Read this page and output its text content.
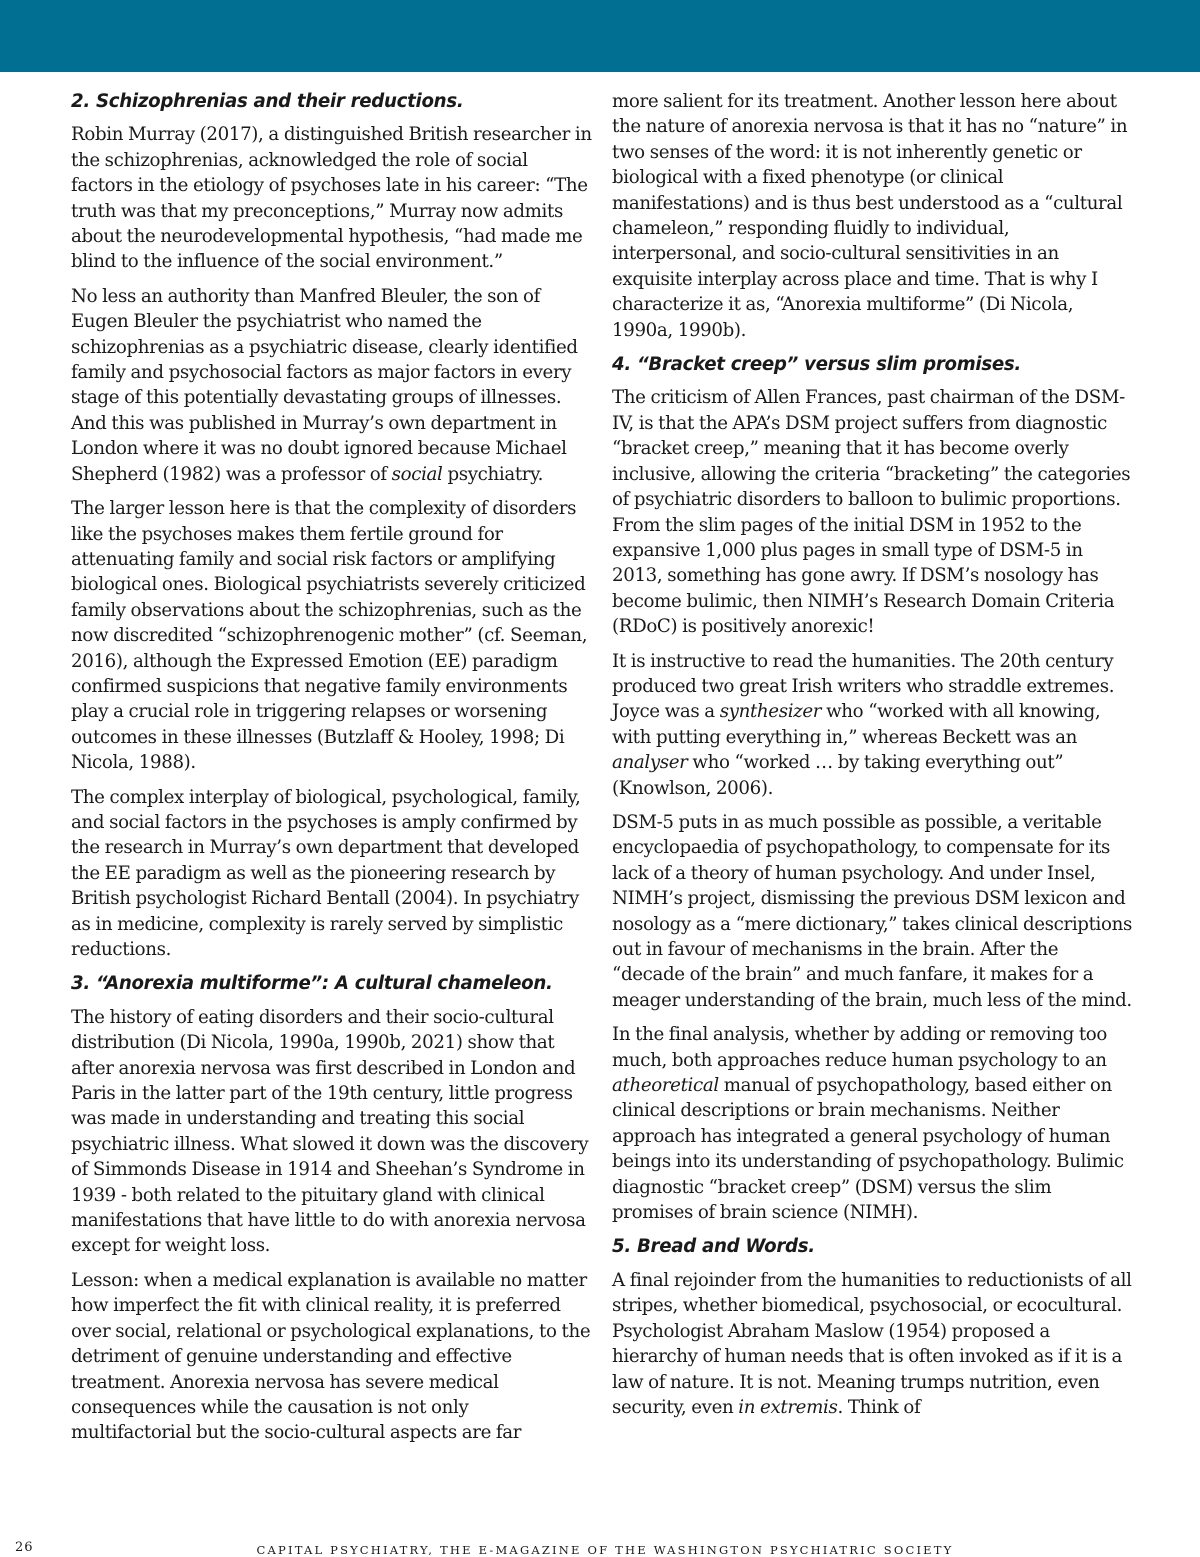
2. Schizophrenias and their reductions.

Robin Murray (2017), a distinguished British researcher in the schizophrenias, acknowledged the role of social factors in the etiology of psychoses late in his career: “The truth was that my preconceptions,” Murray now admits about the neurodevelopmental hypothesis, “had made me blind to the influence of the social environment.”

No less an authority than Manfred Bleuler, the son of Eugen Bleuler the psychiatrist who named the schizophrenias as a psychiatric disease, clearly identified family and psychosocial factors as major factors in every stage of this potentially devastating groups of illnesses. And this was published in Murray’s own department in London where it was no doubt ignored because Michael Shepherd (1982) was a professor of social psychiatry.

The larger lesson here is that the complexity of disorders like the psychoses makes them fertile ground for attenuating family and social risk factors or amplifying biological ones. Biological psychiatrists severely criticized family observations about the schizophrenias, such as the now discredited “schizophrenogenic mother” (cf. Seeman, 2016), although the Expressed Emotion (EE) paradigm confirmed suspicions that negative family environments play a crucial role in triggering relapses or worsening outcomes in these illnesses (Butzlaff & Hooley, 1998; Di Nicola, 1988).

The complex interplay of biological, psychological, family, and social factors in the psychoses is amply confirmed by the research in Murray’s own department that developed the EE paradigm as well as the pioneering research by British psychologist Richard Bentall (2004). In psychiatry as in medicine, complexity is rarely served by simplistic reductions.

3. “Anorexia multiforme”: A cultural chameleon.

The history of eating disorders and their socio-cultural distribution (Di Nicola, 1990a, 1990b, 2021) show that after anorexia nervosa was first described in London and Paris in the latter part of the 19th century, little progress was made in understanding and treating this social psychiatric illness. What slowed it down was the discovery of Simmonds Disease in 1914 and Sheehan’s Syndrome in 1939 - both related to the pituitary gland with clinical manifestations that have little to do with anorexia nervosa except for weight loss.

Lesson: when a medical explanation is available no matter how imperfect the fit with clinical reality, it is preferred over social, relational or psychological explanations, to the detriment of genuine understanding and effective treatment. Anorexia nervosa has severe medical consequences while the causation is not only multifactorial but the socio-cultural aspects are far

more salient for its treatment. Another lesson here about the nature of anorexia nervosa is that it has no “nature” in two senses of the word: it is not inherently genetic or biological with a fixed phenotype (or clinical manifestations) and is thus best understood as a “cultural chameleon,” responding fluidly to individual, interpersonal, and socio-cultural sensitivities in an exquisite interplay across place and time. That is why I characterize it as, “Anorexia multiforme” (Di Nicola, 1990a, 1990b).

4. “Bracket creep” versus slim promises.

The criticism of Allen Frances, past chairman of the DSM-IV, is that the APA’s DSM project suffers from diagnostic “bracket creep,” meaning that it has become overly inclusive, allowing the criteria “bracketing” the categories of psychiatric disorders to balloon to bulimic proportions. From the slim pages of the initial DSM in 1952 to the expansive 1,000 plus pages in small type of DSM-5 in 2013, something has gone awry. If DSM’s nosology has become bulimic, then NIMH’s Research Domain Criteria (RDoC) is positively anorexic!

It is instructive to read the humanities. The 20th century produced two great Irish writers who straddle extremes. Joyce was a synthesizer who “worked with all knowing, with putting everything in,” whereas Beckett was an analyser who “worked … by taking everything out” (Knowlson, 2006).

DSM-5 puts in as much possible as possible, a veritable encyclopaedia of psychopathology, to compensate for its lack of a theory of human psychology. And under Insel, NIMH’s project, dismissing the previous DSM lexicon and nosology as a “mere dictionary,” takes clinical descriptions out in favour of mechanisms in the brain. After the “decade of the brain” and much fanfare, it makes for a meager understanding of the brain, much less of the mind.

In the final analysis, whether by adding or removing too much, both approaches reduce human psychology to an atheoretical manual of psychopathology, based either on clinical descriptions or brain mechanisms. Neither approach has integrated a general psychology of human beings into its understanding of psychopathology. Bulimic diagnostic “bracket creep” (DSM) versus the slim promises of brain science (NIMH).

5. Bread and Words.

A final rejoinder from the humanities to reductionists of all stripes, whether biomedical, psychosocial, or ecocultural. Psychologist Abraham Maslow (1954) proposed a hierarchy of human needs that is often invoked as if it is a law of nature. It is not. Meaning trumps nutrition, even security, even in extremis. Think of

26	CAPITAL PSYCHIATRY, THE E-MAGAZINE OF THE WASHINGTON PSYCHIATRIC SOCIETY
